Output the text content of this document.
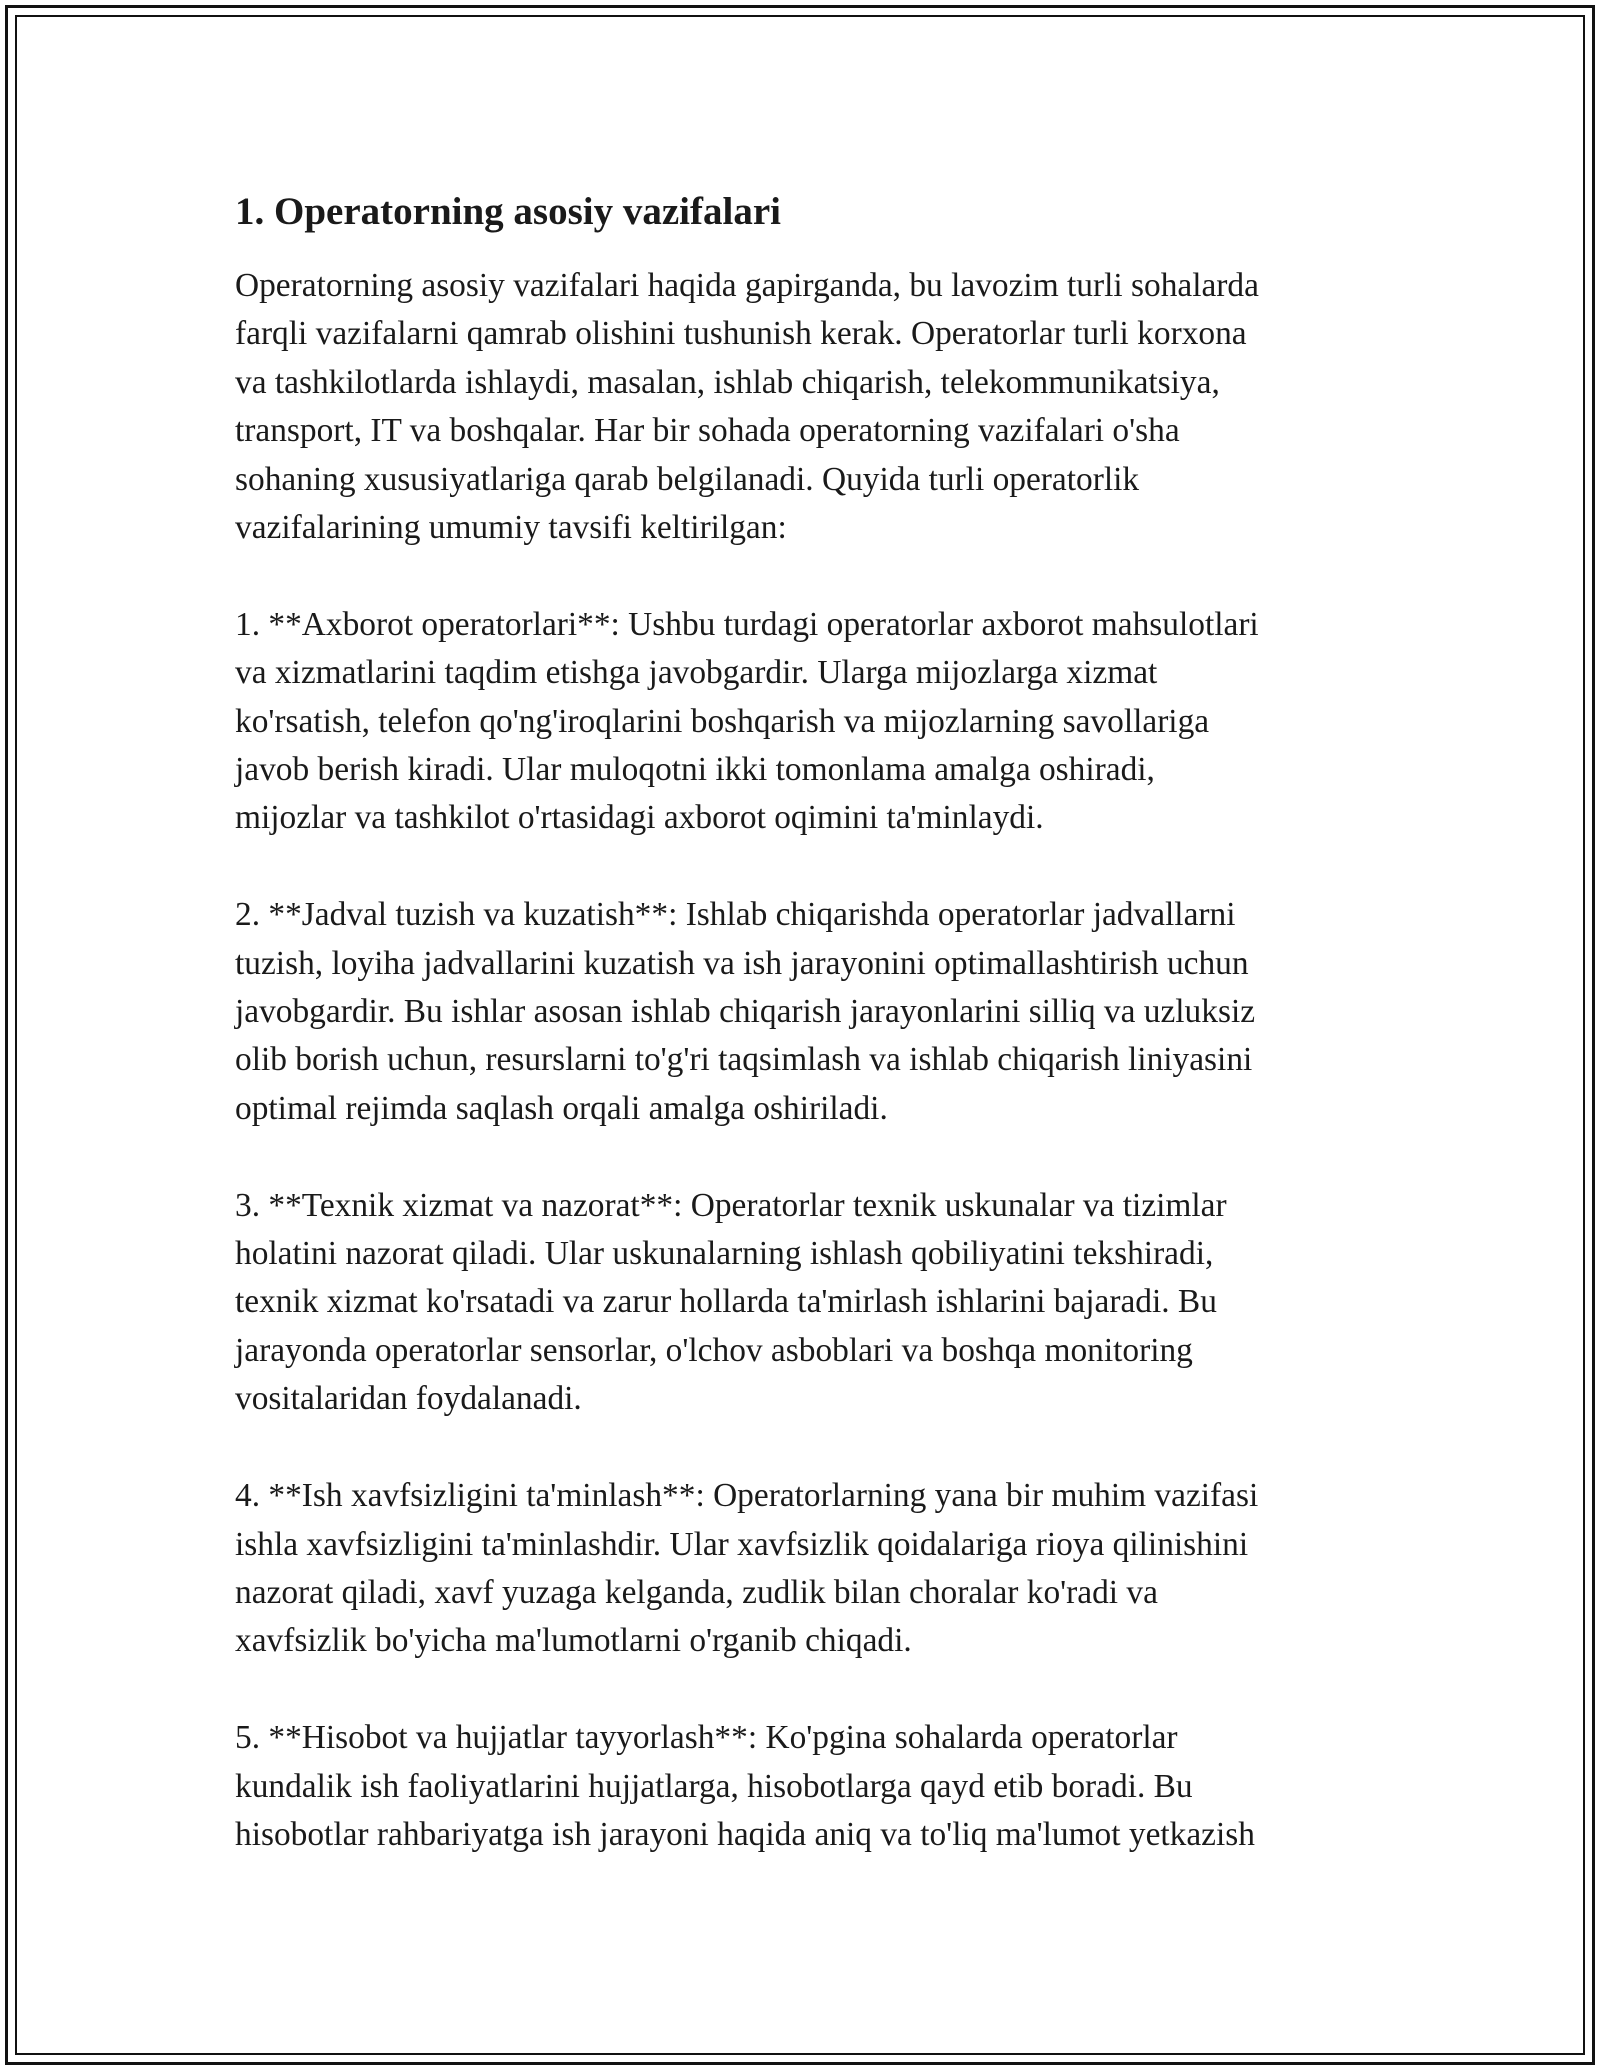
1. Operatorning asosiy vazifalari
Operatorning asosiy vazifalari haqida gapirganda, bu lavozim turli sohalarda
farqli vazifalarni qamrab olishini tushunish kerak. Operatorlar turli korxona
va tashkilotlarda ishlaydi, masalan, ishlab chiqarish, telekommunikatsiya,
transport, IT va boshqalar. Har bir sohada operatorning vazifalari o'sha
sohaning xususiyatlariga qarab belgilanadi. Quyida turli operatorlik
vazifalarining umumiy tavsifi keltirilgan:
1. **Axborot operatorlari**: Ushbu turdagi operatorlar axborot mahsulotlari
va xizmatlarini taqdim etishga javobgardir. Ularga mijozlarga xizmat
ko'rsatish, telefon qo'ng'iroqlarini boshqarish va mijozlarning savollariga
javob berish kiradi. Ular muloqotni ikki tomonlama amalga oshiradi,
mijozlar va tashkilot o'rtasidagi axborot oqimini ta'minlaydi.
2. **Jadval tuzish va kuzatish**: Ishlab chiqarishda operatorlar jadvallarni
tuzish, loyiha jadvallarini kuzatish va ish jarayonini optimallashtirish uchun
javobgardir. Bu ishlar asosan ishlab chiqarish jarayonlarini silliq va uzluksiz
olib borish uchun, resurslarni to'g'ri taqsimlash va ishlab chiqarish liniyasini
optimal rejimda saqlash orqali amalga oshiriladi.
3. **Texnik xizmat va nazorat**: Operatorlar texnik uskunalar va tizimlar
holatini nazorat qiladi. Ular uskunalarning ishlash qobiliyatini tekshiradi,
texnik xizmat ko'rsatadi va zarur hollarda ta'mirlash ishlarini bajaradi. Bu
jarayonda operatorlar sensorlar, o'lchov asboblari va boshqa monitoring
vositalaridan foydalanadi.
4. **Ish xavfsizligini ta'minlash**: Operatorlarning yana bir muhim vazifasi
ishla xavfsizligini ta'minlashdir. Ular xavfsizlik qoidalariga rioya qilinishini
nazorat qiladi, xavf yuzaga kelganda, zudlik bilan choralar ko'radi va
xavfsizlik bo'yicha ma'lumotlarni o'rganib chiqadi.
5. **Hisobot va hujjatlar tayyorlash**: Ko'pgina sohalarda operatorlar
kundalik ish faoliyatlarini hujjatlarga, hisobotlarga qayd etib boradi. Bu
hisobotlar rahbariyatga ish jarayoni haqida aniq va to'liq ma'lumot yetkazish
